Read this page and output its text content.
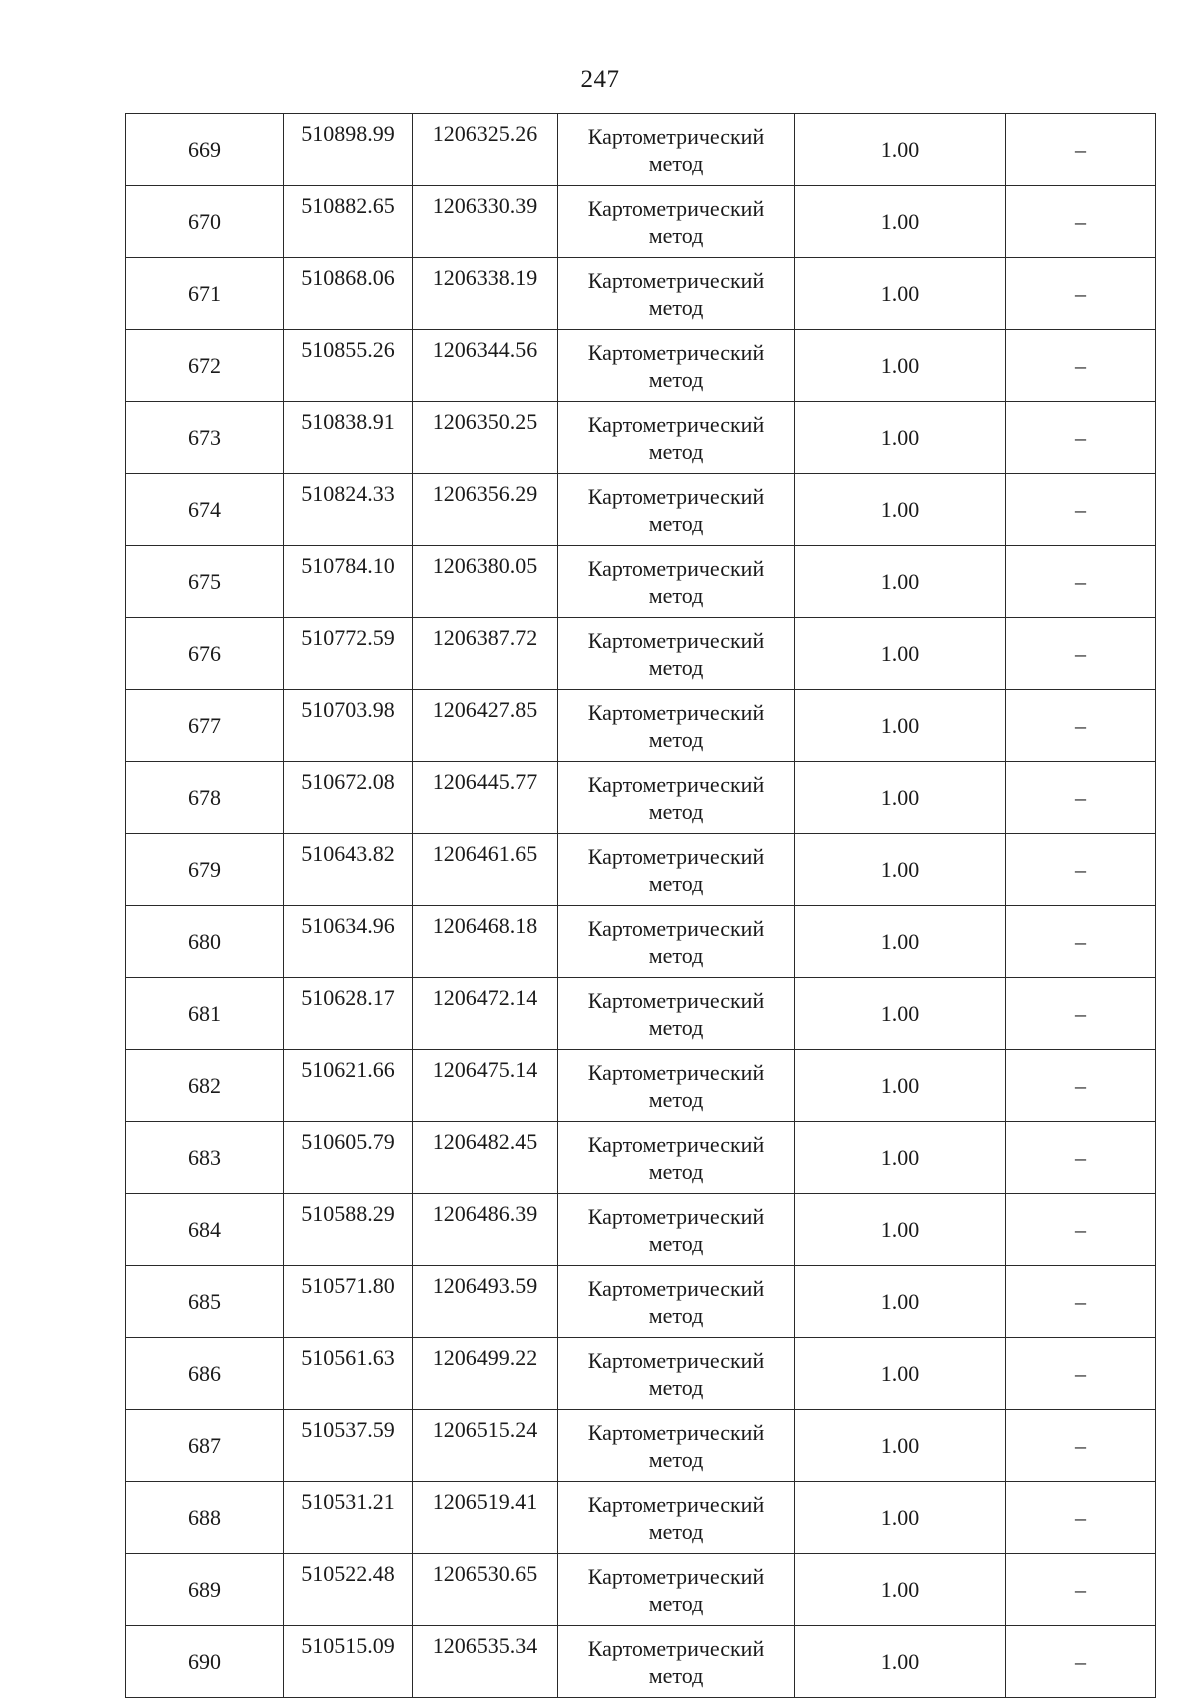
247
669	510898.99	1206325.26	Картометрический
метод	1.00	–
670	510882.65	1206330.39	Картометрический
метод	1.00	–
671	510868.06	1206338.19	Картометрический
метод	1.00	–
672	510855.26	1206344.56	Картометрический
метод	1.00	–
673	510838.91	1206350.25	Картометрический
метод	1.00	–
674	510824.33	1206356.29	Картометрический
метод	1.00	–
675	510784.10	1206380.05	Картометрический
метод	1.00	–
676	510772.59	1206387.72	Картометрический
метод	1.00	–
677	510703.98	1206427.85	Картометрический
метод	1.00	–
678	510672.08	1206445.77	Картометрический
метод	1.00	–
679	510643.82	1206461.65	Картометрический
метод	1.00	–
680	510634.96	1206468.18	Картометрический
метод	1.00	–
681	510628.17	1206472.14	Картометрический
метод	1.00	–
682	510621.66	1206475.14	Картометрический
метод	1.00	–
683	510605.79	1206482.45	Картометрический
метод	1.00	–
684	510588.29	1206486.39	Картометрический
метод	1.00	–
685	510571.80	1206493.59	Картометрический
метод	1.00	–
686	510561.63	1206499.22	Картометрический
метод	1.00	–
687	510537.59	1206515.24	Картометрический
метод	1.00	–
688	510531.21	1206519.41	Картометрический
метод	1.00	–
689	510522.48	1206530.65	Картометрический
метод	1.00	–
690	510515.09	1206535.34	Картометрический
метод	1.00	–
